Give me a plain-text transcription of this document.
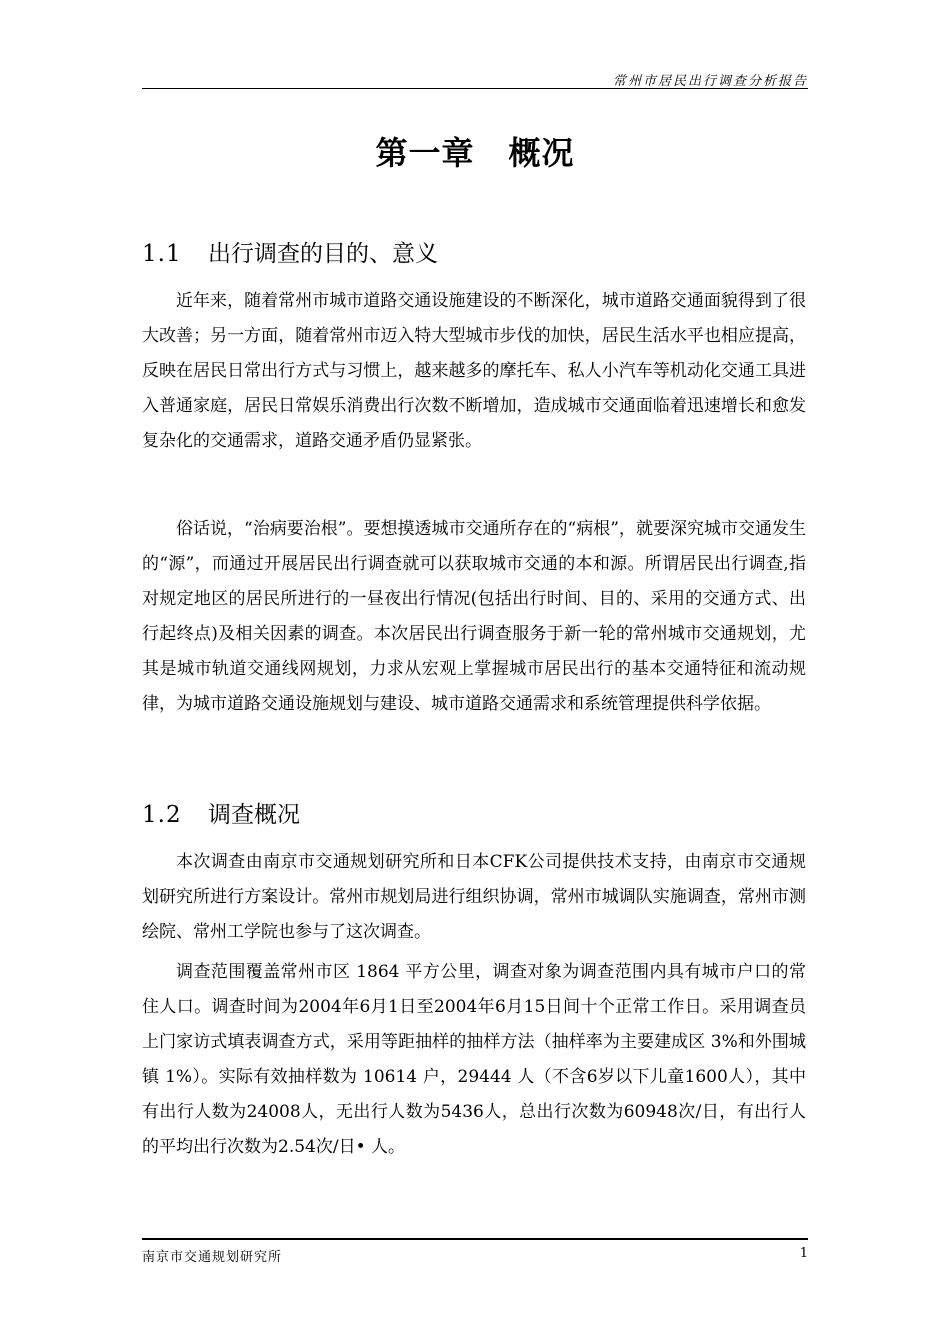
常州市居民出行调查分析报告
第一章 概况
1.1 出行调查的目的、意义

近年来，随着常州市城市道路交通设施建设的不断深化，城市道路交通面貌得到了很大改善；另一方面，随着常州市迈入特大型城市步伐的加快，居民生活水平也相应提高，反映在居民日常出行方式与习惯上，越来越多的摩托车、私人小汽车等机动化交通工具进入普通家庭，居民日常娱乐消费出行次数不断增加，造成城市交通面临着迅速增长和愈发复杂化的交通需求，道路交通矛盾仍显紧张。

俗话说，“治病要治根”。要想摸透城市交通所存在的“病根”，就要深究城市交通发生的“源”，而通过开展居民出行调查就可以获取城市交通的本和源。所谓居民出行调查,指对规定地区的居民所进行的一昼夜出行情况(包括出行时间、目的、采用的交通方式、出行起终点)及相关因素的调查。本次居民出行调查服务于新一轮的常州城市交通规划，尤其是城市轨道交通线网规划，力求从宏观上掌握城市居民出行的基本交通特征和流动规律，为城市道路交通设施规划与建设、城市道路交通需求和系统管理提供科学依据。

1.2 调查概况

本次调查由南京市交通规划研究所和日本CFK公司提供技术支持，由南京市交通规划研究所进行方案设计。常州市规划局进行组织协调，常州市城调队实施调查，常州市测绘院、常州工学院也参与了这次调查。

调查范围覆盖常州市区 1864 平方公里，调查对象为调查范围内具有城市户口的常住人口。调查时间为2004年6月1日至2004年6月15日间十个正常工作日。采用调查员上门家访式填表调查方式，采用等距抽样的抽样方法（抽样率为主要建成区 3%和外围城镇 1%）。实际有效抽样数为 10614 户，29444 人（不含6岁以下儿童1600人），其中有出行人数为24008人，无出行人数为5436人，总出行次数为60948次/日，有出行人的平均出行次数为2.54次/日• 人。

南京市交通规划研究所	1
